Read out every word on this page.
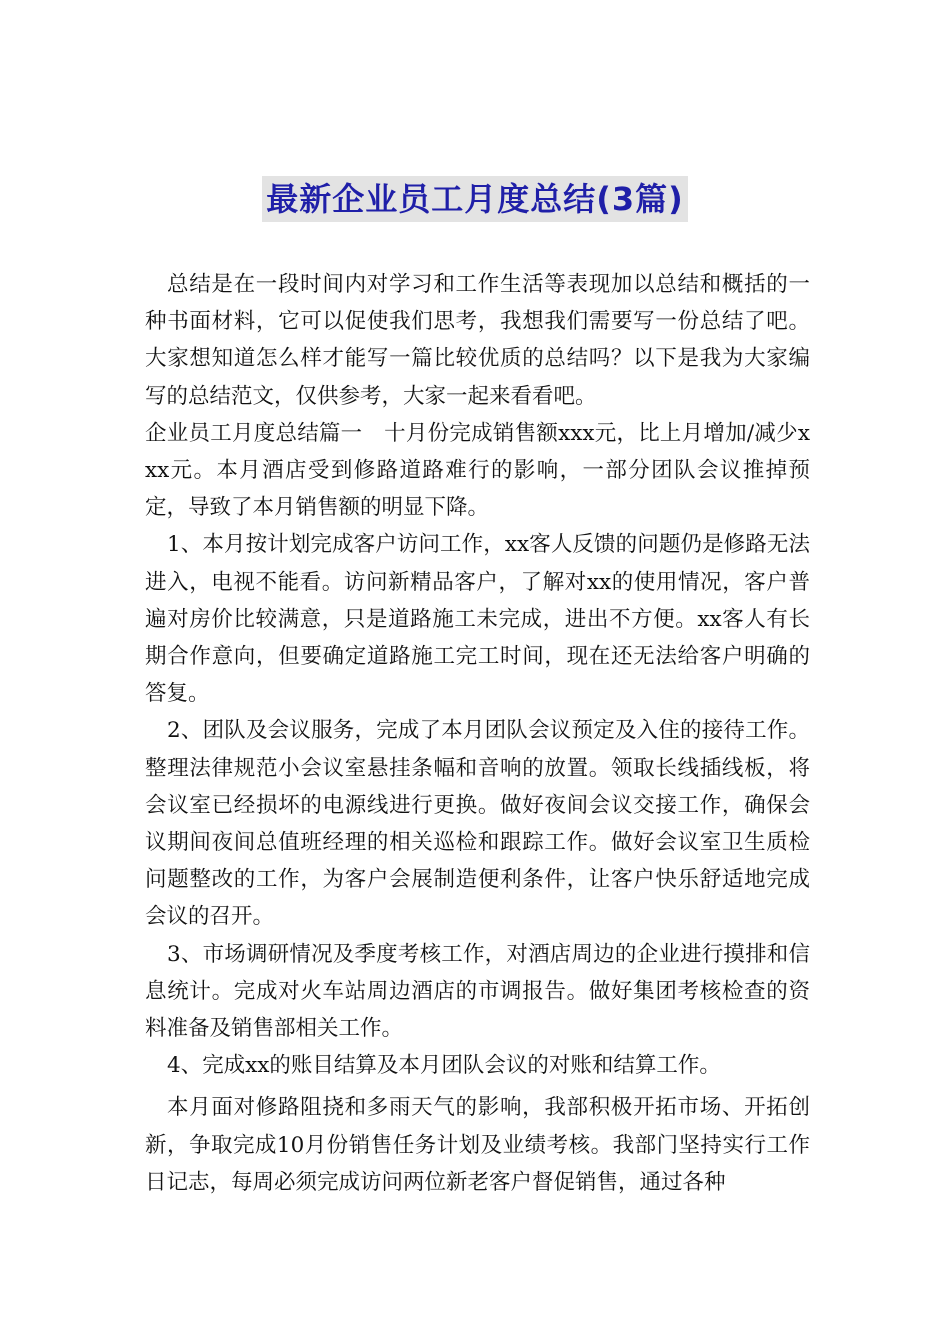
最新企业员工月度总结(3篇)

总结是在一段时间内对学习和工作生活等表现加以总结和概括的一种书面材料，它可以促使我们思考，我想我们需要写一份总结了吧。大家想知道怎么样才能写一篇比较优质的总结吗？以下是我为大家编写的总结范文，仅供参考，大家一起来看看吧。

企业员工月度总结篇一　十月份完成销售额xxx元，比上月增加/减少xxx元。本月酒店受到修路道路难行的影响，一部分团队会议推掉预定，导致了本月销售额的明显下降。

1、本月按计划完成客户访问工作，xx客人反馈的问题仍是修路无法进入，电视不能看。访问新精品客户，了解对xx的使用情况，客户普遍对房价比较满意，只是道路施工未完成，进出不方便。xx客人有长期合作意向，但要确定道路施工完工时间，现在还无法给客户明确的答复。

2、团队及会议服务，完成了本月团队会议预定及入住的接待工作。整理法律规范小会议室悬挂条幅和音响的放置。领取长线插线板，将会议室已经损坏的电源线进行更换。做好夜间会议交接工作，确保会议期间夜间总值班经理的相关巡检和跟踪工作。做好会议室卫生质检问题整改的工作，为客户会展制造便利条件，让客户快乐舒适地完成会议的召开。

3、市场调研情况及季度考核工作，对酒店周边的企业进行摸排和信息统计。完成对火车站周边酒店的市调报告。做好集团考核检查的资料准备及销售部相关工作。

4、完成xx的账目结算及本月团队会议的对账和结算工作。

本月面对修路阻挠和多雨天气的影响，我部积极开拓市场、开拓创新，争取完成10月份销售任务计划及业绩考核。我部门坚持实行工作日记志，每周必须完成访问两位新老客户督促销售，通过各种
